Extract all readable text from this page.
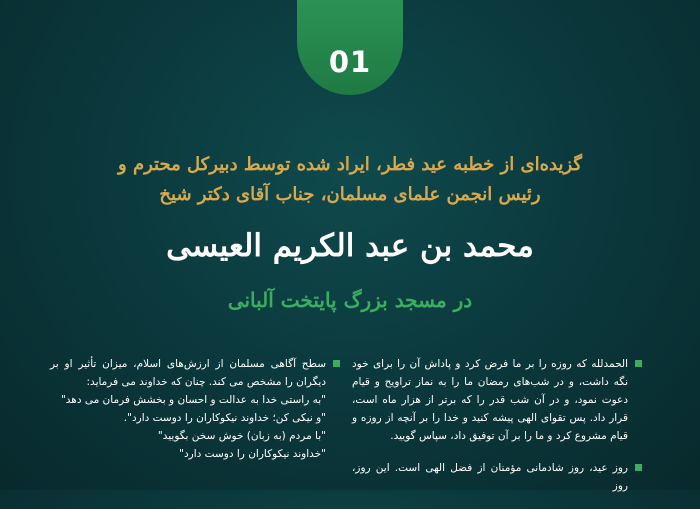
01
گزیده‌ای از خطبه عید فطر، ایراد شده توسط دبیرکل محترم و
رئیس انجمن علمای مسلمان، جناب آقای دکتر شیخ
محمد بن عبد الکریم العیسی
در مسجد بزرگ پایتخت آلبانی

الحمدلله که روزه را بر ما فرض کرد و پاداش آن را برای خود نگه داشت، و در شب‌های رمضان ما را به نماز تراویح و قیام دعوت نمود، و در آن شب قدر را که برتر از هزار ماه است، قرار داد. پس تقوای الهی پیشه کنید و خدا را بر آنچه از روزه و قیام مشروع کرد و ما را بر آن توفیق داد، سپاس گویید.

روز عید، روز شادمانی مؤمنان از فضل الهی است. این روز، روز

سطح آگاهی مسلمان از ارزش‌های اسلام، میزان تأثیر او بر دیگران را مشخص می کند. چنان که خداوند می فرماید:
"به راستی خدا به عدالت و احسان و بخشش فرمان می دهد"
"و نیکی کن؛ خداوند نیکوکاران را دوست دارد".
"با مردم (به زبان) خوش سخن بگویید"
"خداوند نیکوکاران را دوست دارد"
